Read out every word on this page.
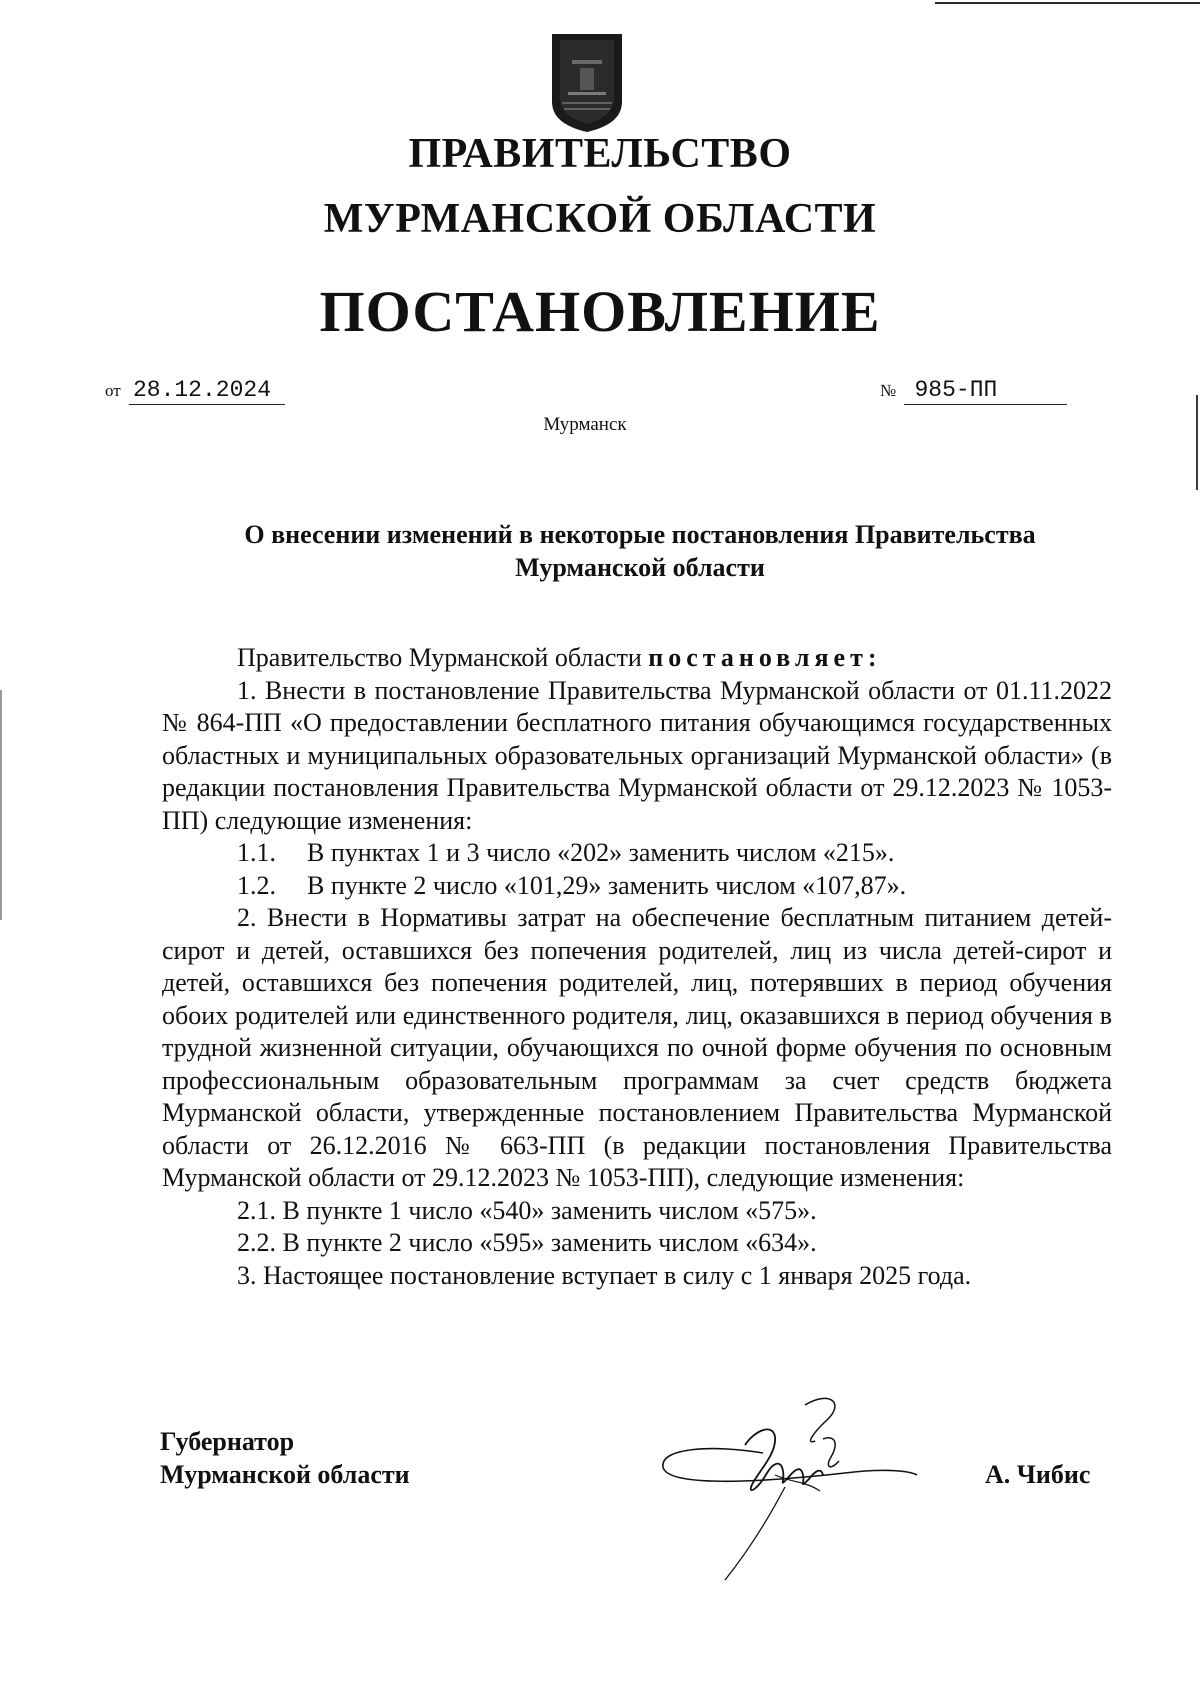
ПРАВИТЕЛЬСТВО
МУРМАНСКОЙ ОБЛАСТИ
ПОСТАНОВЛЕНИЕ
от 28.12.2024	№ 985-ПП
Мурманск
О внесении изменений в некоторые постановления Правительства Мурманской области

Правительство Мурманской области постановляет:

1. Внести в постановление Правительства Мурманской области от 01.11.2022 № 864-ПП «О предоставлении бесплатного питания обучающимся государственных областных и муниципальных образовательных организаций Мурманской области» (в редакции постановления Правительства Мурманской области от 29.12.2023 № 1053-ПП) следующие изменения:

1.1. В пунктах 1 и 3 число «202» заменить числом «215».

1.2. В пункте 2 число «101,29» заменить числом «107,87».

2. Внести в Нормативы затрат на обеспечение бесплатным питанием детей-сирот и детей, оставшихся без попечения родителей, лиц из числа детей-сирот и детей, оставшихся без попечения родителей, лиц, потерявших в период обучения обоих родителей или единственного родителя, лиц, оказавшихся в период обучения в трудной жизненной ситуации, обучающихся по очной форме обучения по основным профессиональным образовательным программам за счет средств бюджета Мурманской области, утвержденные постановлением Правительства Мурманской области от 26.12.2016 № 663-ПП (в редакции постановления Правительства Мурманской области от 29.12.2023 № 1053-ПП), следующие изменения:

2.1. В пункте 1 число «540» заменить числом «575».

2.2. В пункте 2 число «595» заменить числом «634».

3. Настоящее постановление вступает в силу с 1 января 2025 года.

Губернатор
Мурманской области	А. Чибис
